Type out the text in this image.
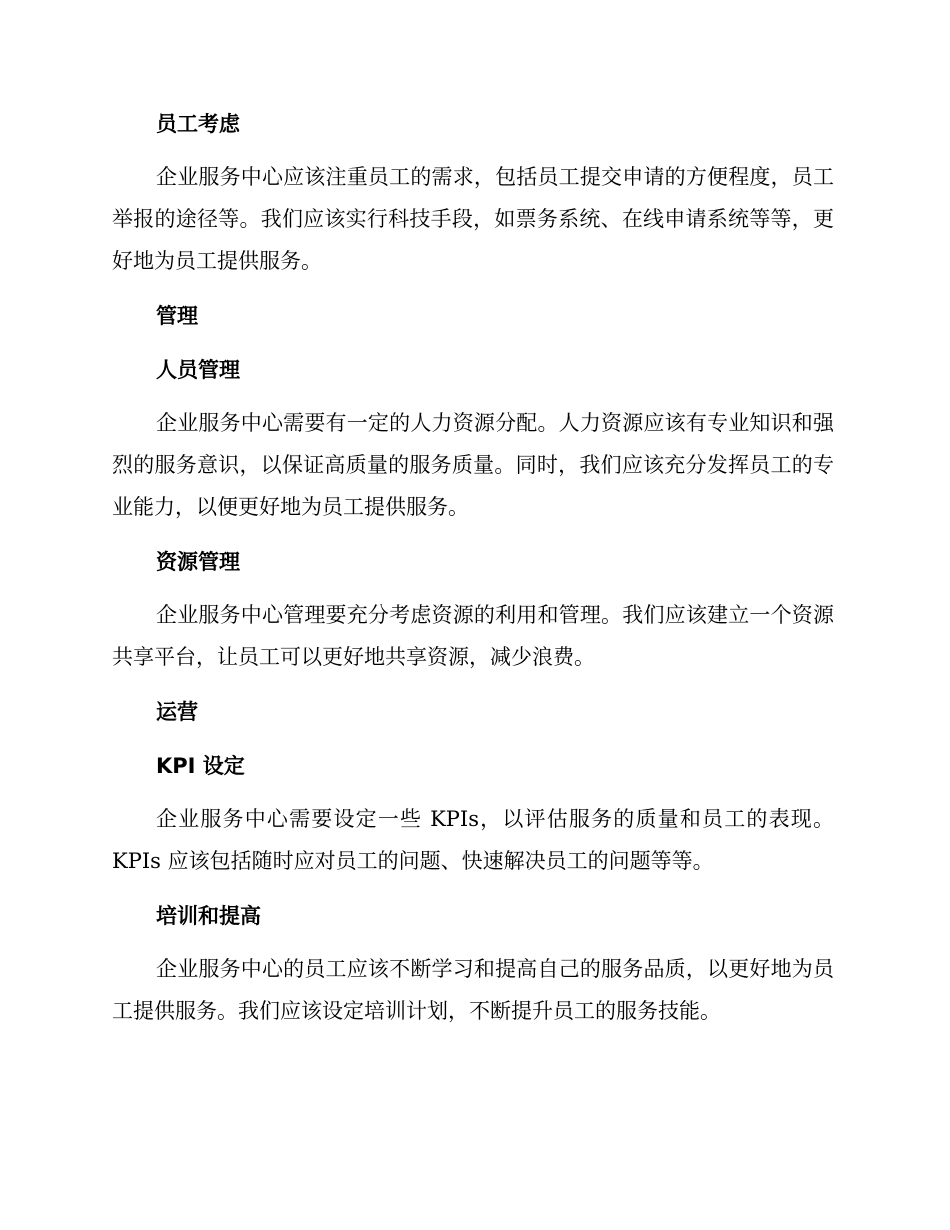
员工考虑

企业服务中心应该注重员工的需求，包括员工提交申请的方便程度，员工举报的途径等。我们应该实行科技手段，如票务系统、在线申请系统等等，更好地为员工提供服务。

管理
人员管理

企业服务中心需要有一定的人力资源分配。人力资源应该有专业知识和强烈的服务意识，以保证高质量的服务质量。同时，我们应该充分发挥员工的专业能力，以便更好地为员工提供服务。

资源管理

企业服务中心管理要充分考虑资源的利用和管理。我们应该建立一个资源共享平台，让员工可以更好地共享资源，减少浪费。

运营
KPI 设定

企业服务中心需要设定一些 KPIs，以评估服务的质量和员工的表现。KPIs 应该包括随时应对员工的问题、快速解决员工的问题等等。

培训和提高

企业服务中心的员工应该不断学习和提高自己的服务品质，以更好地为员工提供服务。我们应该设定培训计划，不断提升员工的服务技能。
